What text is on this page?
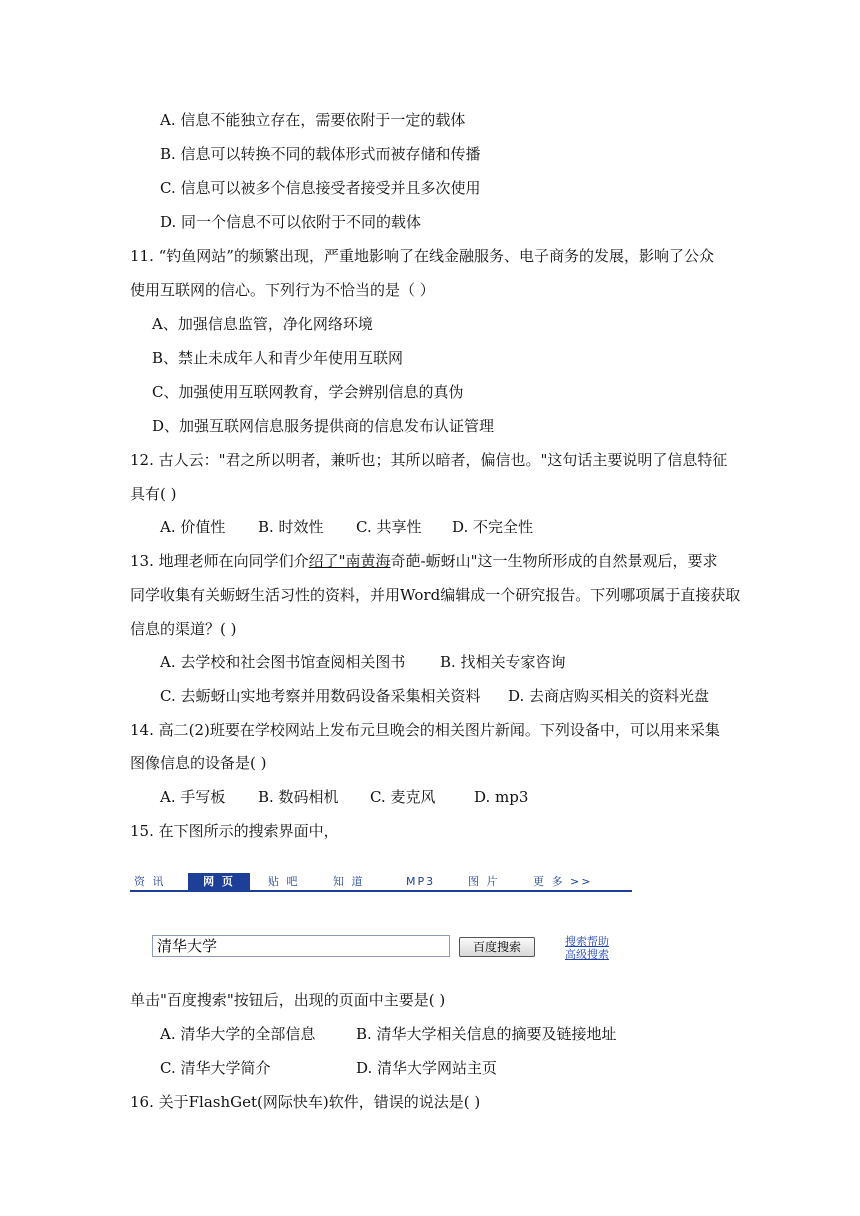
A. 信息不能独立存在，需要依附于一定的载体
B. 信息可以转换不同的载体形式而被存储和传播
C. 信息可以被多个信息接受者接受并且多次使用
D. 同一个信息不可以依附于不同的载体
11. “钓鱼网站”的频繁出现，严重地影响了在线金融服务、电子商务的发展，影响了公众
使用互联网的信心。下列行为不恰当的是（ ）
A、加强信息监管，净化网络环境
B、禁止未成年人和青少年使用互联网
C、加强使用互联网教育，学会辨别信息的真伪
D、加强互联网信息服务提供商的信息发布认证管理
12. 古人云："君之所以明者，兼听也；其所以暗者，偏信也。"这句话主要说明了信息特征
具有( )
A. 价值性 B. 时效性 C. 共享性 D. 不完全性
13. 地理老师在向同学们介绍了"南黄海奇葩-蛎蚜山"这一生物所形成的自然景观后，要求
同学收集有关蛎蚜生活习性的资料，并用Word编辑成一个研究报告。下列哪项属于直接获取
信息的渠道？( )
A. 去学校和社会图书馆查阅相关图书 B. 找相关专家咨询
C. 去蛎蚜山实地考察并用数码设备采集相关资料 D. 去商店购买相关的资料光盘
14. 高二(2)班要在学校网站上发布元旦晚会的相关图片新闻。下列设备中，可以用来采集
图像信息的设备是( )
A. 手写板 B. 数码相机 C. 麦克风	D. mp3
15. 在下图所示的搜索界面中，
资 讯	网 页	贴 吧	知 道	MP3	图 片	更 多 >>
清华大学	百度搜索	搜索帮助
高级搜索
单击"百度搜索"按钮后，出现的页面中主要是( )
A. 清华大学的全部信息	B. 清华大学相关信息的摘要及链接地址
C. 清华大学简介	D. 清华大学网站主页
16. 关于FlashGet(网际快车)软件，错误的说法是( )
